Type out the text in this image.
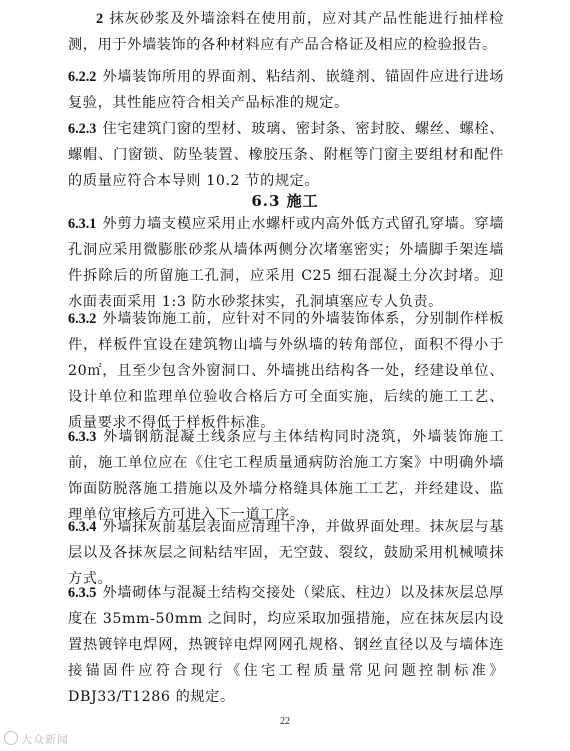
2 抹灰砂浆及外墙涂料在使用前，应对其产品性能进行抽样检测，用于外墙装饰的各种材料应有产品合格证及相应的检验报告。

6.2.2 外墙装饰所用的界面剂、粘结剂、嵌缝剂、锚固件应进行进场复验，其性能应符合相关产品标准的规定。

6.2.3 住宅建筑门窗的型材、玻璃、密封条、密封胶、螺丝、螺栓、螺帽、门窗锁、防坠装置、橡胶压条、附框等门窗主要组材和配件的质量应符合本导则 10.2 节的规定。

6.3 施工

6.3.1 外剪力墙支模应采用止水螺杆或内高外低方式留孔穿墙。穿墙孔洞应采用微膨胀砂浆从墙体两侧分次堵塞密实；外墙脚手架连墙件拆除后的所留施工孔洞，应采用 C25 细石混凝土分次封堵。迎水面表面采用 1:3 防水砂浆抹实，孔洞填塞应专人负责。

6.3.2 外墙装饰施工前，应针对不同的外墙装饰体系，分别制作样板件，样板件宜设在建筑物山墙与外纵墙的转角部位，面积不得小于 20㎡，且至少包含外窗洞口、外墙挑出结构各一处，经建设单位、设计单位和监理单位验收合格后方可全面实施，后续的施工工艺、质量要求不得低于样板件标准。

6.3.3 外墙钢筋混凝土线条应与主体结构同时浇筑，外墙装饰施工前，施工单位应在《住宅工程质量通病防治施工方案》中明确外墙饰面防脱落施工措施以及外墙分格缝具体施工工艺，并经建设、监理单位审核后方可进入下一道工序。

6.3.4 外墙抹灰前基层表面应清理干净，并做界面处理。抹灰层与基层以及各抹灰层之间粘结牢固，无空鼓、裂纹，鼓励采用机械喷抹方式。

6.3.5 外墙砌体与混凝土结构交接处（梁底、柱边）以及抹灰层总厚度在 35mm-50mm 之间时，均应采取加强措施，应在抹灰层内设置热镀锌电焊网，热镀锌电焊网网孔规格、钢丝直径以及与墙体连接锚固件应符合现行《住宅工程质量常见问题控制标准》DBJ33/T1286 的规定。

22
大众新闻
